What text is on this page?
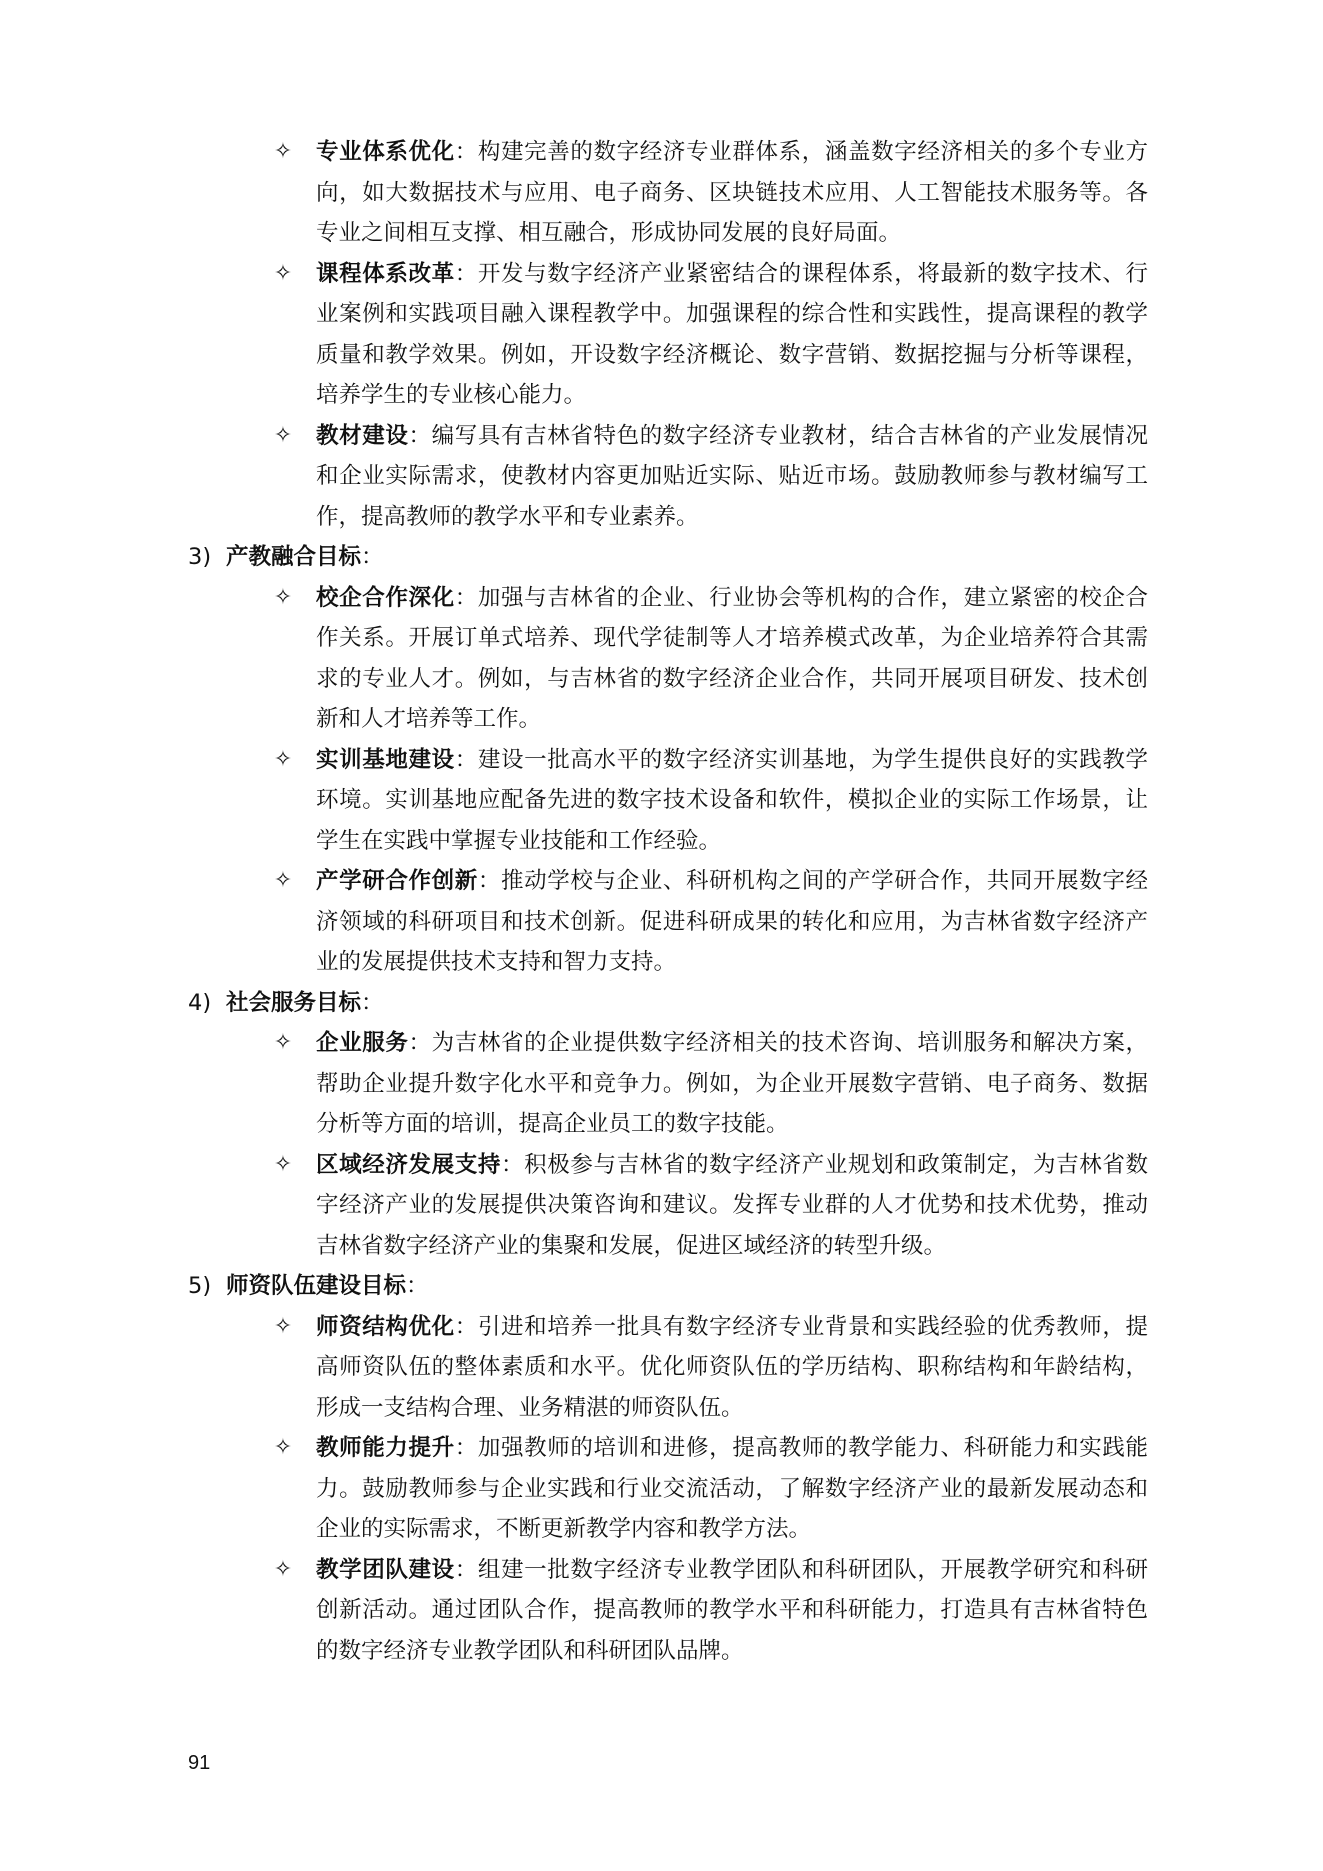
✧ 专业体系优化：构建完善的数字经济专业群体系，涵盖数字经济相关的多个专业方向，如大数据技术与应用、电子商务、区块链技术应用、人工智能技术服务等。各专业之间相互支撑、相互融合，形成协同发展的良好局面。
✧ 课程体系改革：开发与数字经济产业紧密结合的课程体系，将最新的数字技术、行业案例和实践项目融入课程教学中。加强课程的综合性和实践性，提高课程的教学质量和教学效果。例如，开设数字经济概论、数字营销、数据挖掘与分析等课程，培养学生的专业核心能力。
✧ 教材建设：编写具有吉林省特色的数字经济专业教材，结合吉林省的产业发展情况和企业实际需求，使教材内容更加贴近实际、贴近市场。鼓励教师参与教材编写工作，提高教师的教学水平和专业素养。
3) 产教融合目标：
✧ 校企合作深化：加强与吉林省的企业、行业协会等机构的合作，建立紧密的校企合作关系。开展订单式培养、现代学徒制等人才培养模式改革，为企业培养符合其需求的专业人才。例如，与吉林省的数字经济企业合作，共同开展项目研发、技术创新和人才培养等工作。
✧ 实训基地建设：建设一批高水平的数字经济实训基地，为学生提供良好的实践教学环境。实训基地应配备先进的数字技术设备和软件，模拟企业的实际工作场景，让学生在实践中掌握专业技能和工作经验。
✧ 产学研合作创新：推动学校与企业、科研机构之间的产学研合作，共同开展数字经济领域的科研项目和技术创新。促进科研成果的转化和应用，为吉林省数字经济产业的发展提供技术支持和智力支持。
4) 社会服务目标：
✧ 企业服务：为吉林省的企业提供数字经济相关的技术咨询、培训服务和解决方案，帮助企业提升数字化水平和竞争力。例如，为企业开展数字营销、电子商务、数据分析等方面的培训，提高企业员工的数字技能。
✧ 区域经济发展支持：积极参与吉林省的数字经济产业规划和政策制定，为吉林省数字经济产业的发展提供决策咨询和建议。发挥专业群的人才优势和技术优势，推动吉林省数字经济产业的集聚和发展，促进区域经济的转型升级。
5) 师资队伍建设目标：
✧ 师资结构优化：引进和培养一批具有数字经济专业背景和实践经验的优秀教师，提高师资队伍的整体素质和水平。优化师资队伍的学历结构、职称结构和年龄结构，形成一支结构合理、业务精湛的师资队伍。
✧ 教师能力提升：加强教师的培训和进修，提高教师的教学能力、科研能力和实践能力。鼓励教师参与企业实践和行业交流活动，了解数字经济产业的最新发展动态和企业的实际需求，不断更新教学内容和教学方法。
✧ 教学团队建设：组建一批数字经济专业教学团队和科研团队，开展教学研究和科研创新活动。通过团队合作，提高教师的教学水平和科研能力，打造具有吉林省特色的数字经济专业教学团队和科研团队品牌。
91
